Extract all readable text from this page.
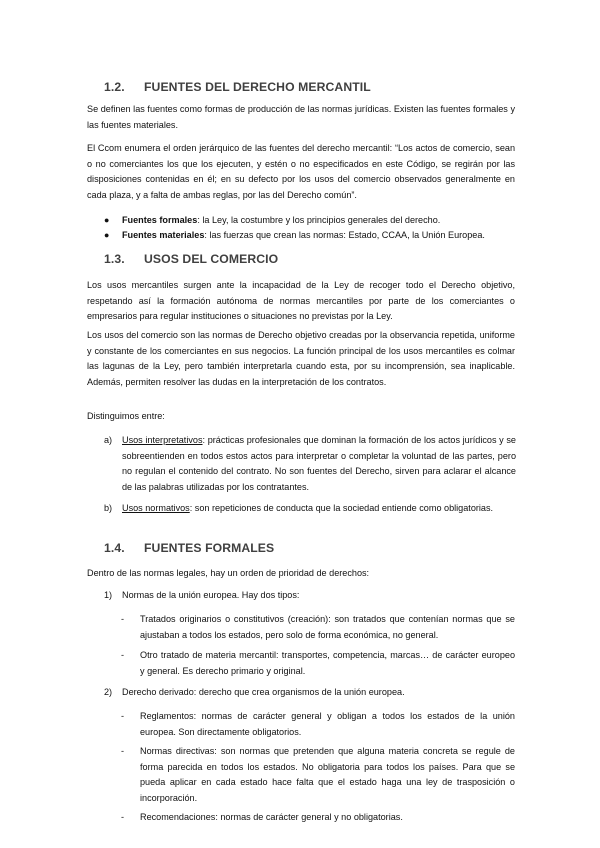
1.2. FUENTES DEL DERECHO MERCANTIL
Se definen las fuentes como formas de producción de las normas jurídicas. Existen las fuentes formales y las fuentes materiales.
El Ccom enumera el orden jerárquico de las fuentes del derecho mercantil: “Los actos de comercio, sean o no comerciantes los que los ejecuten, y estén o no especificados en este Código, se regirán por las disposiciones contenidas en él; en su defecto por los usos del comercio observados generalmente en cada plaza, y a falta de ambas reglas, por las del Derecho común”.
●	Fuentes formales: la Ley, la costumbre y los principios generales del derecho.
●	Fuentes materiales: las fuerzas que crean las normas: Estado, CCAA, la Unión Europea.
1.3. USOS DEL COMERCIO
Los usos mercantiles surgen ante la incapacidad de la Ley de recoger todo el Derecho objetivo, respetando así la formación autónoma de normas mercantiles por parte de los comerciantes o empresarios para regular instituciones o situaciones no previstas por la Ley.
Los usos del comercio son las normas de Derecho objetivo creadas por la observancia repetida, uniforme y constante de los comerciantes en sus negocios. La función principal de los usos mercantiles es colmar las lagunas de la Ley, pero también interpretarla cuando esta, por su incomprensión, sea inaplicable. Además, permiten resolver las dudas en la interpretación de los contratos.
Distinguimos entre:
a) Usos interpretativos: prácticas profesionales que dominan la formación de los actos jurídicos y se sobreentienden en todos estos actos para interpretar o completar la voluntad de las partes, pero no regulan el contenido del contrato. No son fuentes del Derecho, sirven para aclarar el alcance de las palabras utilizadas por los contratantes.
b) Usos normativos: son repeticiones de conducta que la sociedad entiende como obligatorias.
1.4. FUENTES FORMALES
Dentro de las normas legales, hay un orden de prioridad de derechos:
1) Normas de la unión europea. Hay dos tipos:
- Tratados originarios o constitutivos (creación): son tratados que contenían normas que se ajustaban a todos los estados, pero solo de forma económica, no general.
- Otro tratado de materia mercantil: transportes, competencia, marcas… de carácter europeo y general. Es derecho primario y original.
2) Derecho derivado: derecho que crea organismos de la unión europea.
- Reglamentos: normas de carácter general y obligan a todos los estados de la unión europea. Son directamente obligatorios.
- Normas directivas: son normas que pretenden que alguna materia concreta se regule de forma parecida en todos los estados. No obligatoria para todos los países. Para que se pueda aplicar en cada estado hace falta que el estado haga una ley de trasposición o incorporación.
- Recomendaciones: normas de carácter general y no obligatorias.
